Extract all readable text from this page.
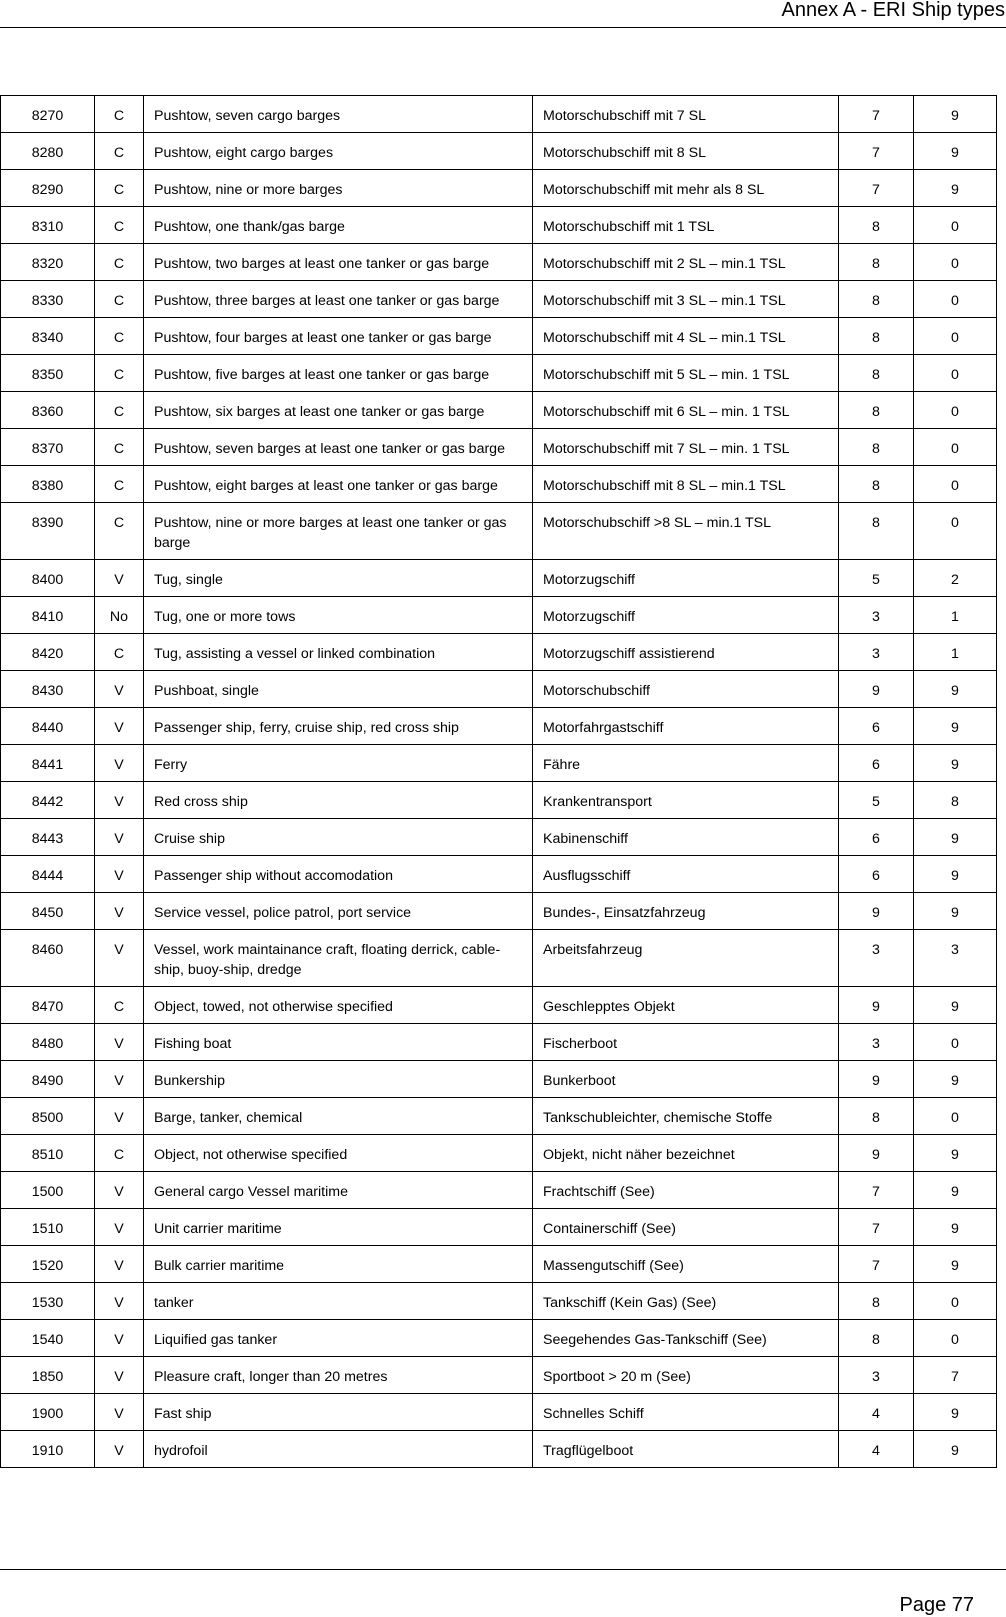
Annex A - ERI Ship types
8270	C	Pushtow, seven cargo barges	Motorschubschiff mit 7 SL	7	9
8280	C	Pushtow, eight cargo barges	Motorschubschiff mit 8 SL	7	9
8290	C	Pushtow, nine or more barges	Motorschubschiff mit mehr als 8 SL	7	9
8310	C	Pushtow, one thank/gas barge	Motorschubschiff mit 1 TSL	8	0
8320	C	Pushtow, two barges at least one tanker or gas barge	Motorschubschiff mit 2 SL – min.1 TSL	8	0
8330	C	Pushtow, three barges at least one tanker or gas barge	Motorschubschiff mit 3 SL – min.1 TSL	8	0
8340	C	Pushtow, four barges at least one tanker or gas barge	Motorschubschiff mit 4 SL – min.1 TSL	8	0
8350	C	Pushtow, five barges at least one tanker or gas barge	Motorschubschiff mit 5 SL – min. 1 TSL	8	0
8360	C	Pushtow, six barges at least one tanker or gas barge	Motorschubschiff mit 6 SL – min. 1 TSL	8	0
8370	C	Pushtow, seven barges at least one tanker or gas barge	Motorschubschiff mit 7 SL – min. 1 TSL	8	0
8380	C	Pushtow, eight barges at least one tanker or gas barge	Motorschubschiff mit 8 SL – min.1 TSL	8	0
8390	C	Pushtow, nine or more barges at least one tanker or gas barge	Motorschubschiff >8 SL – min.1 TSL	8	0
8400	V	Tug, single	Motorzugschiff	5	2
8410	No	Tug, one or more tows	Motorzugschiff	3	1
8420	C	Tug, assisting a vessel or linked combination	Motorzugschiff assistierend	3	1
8430	V	Pushboat, single	Motorschubschiff	9	9
8440	V	Passenger ship, ferry, cruise ship, red cross ship	Motorfahrgastschiff	6	9
8441	V	Ferry	Fähre	6	9
8442	V	Red cross ship	Krankentransport	5	8
8443	V	Cruise ship	Kabinenschiff	6	9
8444	V	Passenger ship without accomodation	Ausflugsschiff	6	9
8450	V	Service vessel, police patrol, port service	Bundes-, Einsatzfahrzeug	9	9
8460	V	Vessel, work maintainance craft, floating derrick, cable-ship, buoy-ship, dredge	Arbeitsfahrzeug	3	3
8470	C	Object, towed, not otherwise specified	Geschlepptes Objekt	9	9
8480	V	Fishing boat	Fischerboot	3	0
8490	V	Bunkership	Bunkerboot	9	9
8500	V	Barge, tanker, chemical	Tankschubleichter, chemische Stoffe	8	0
8510	C	Object, not otherwise specified	Objekt, nicht näher bezeichnet	9	9
1500	V	General cargo Vessel maritime	Frachtschiff (See)	7	9
1510	V	Unit carrier maritime	Containerschiff (See)	7	9
1520	V	Bulk carrier maritime	Massengutschiff (See)	7	9
1530	V	tanker	Tankschiff (Kein Gas) (See)	8	0
1540	V	Liquified gas tanker	Seegehendes Gas-Tankschiff (See)	8	0
1850	V	Pleasure craft, longer than 20 metres	Sportboot > 20 m (See)	3	7
1900	V	Fast ship	Schnelles Schiff	4	9
1910	V	hydrofoil	Tragflügelboot	4	9
Page 77
